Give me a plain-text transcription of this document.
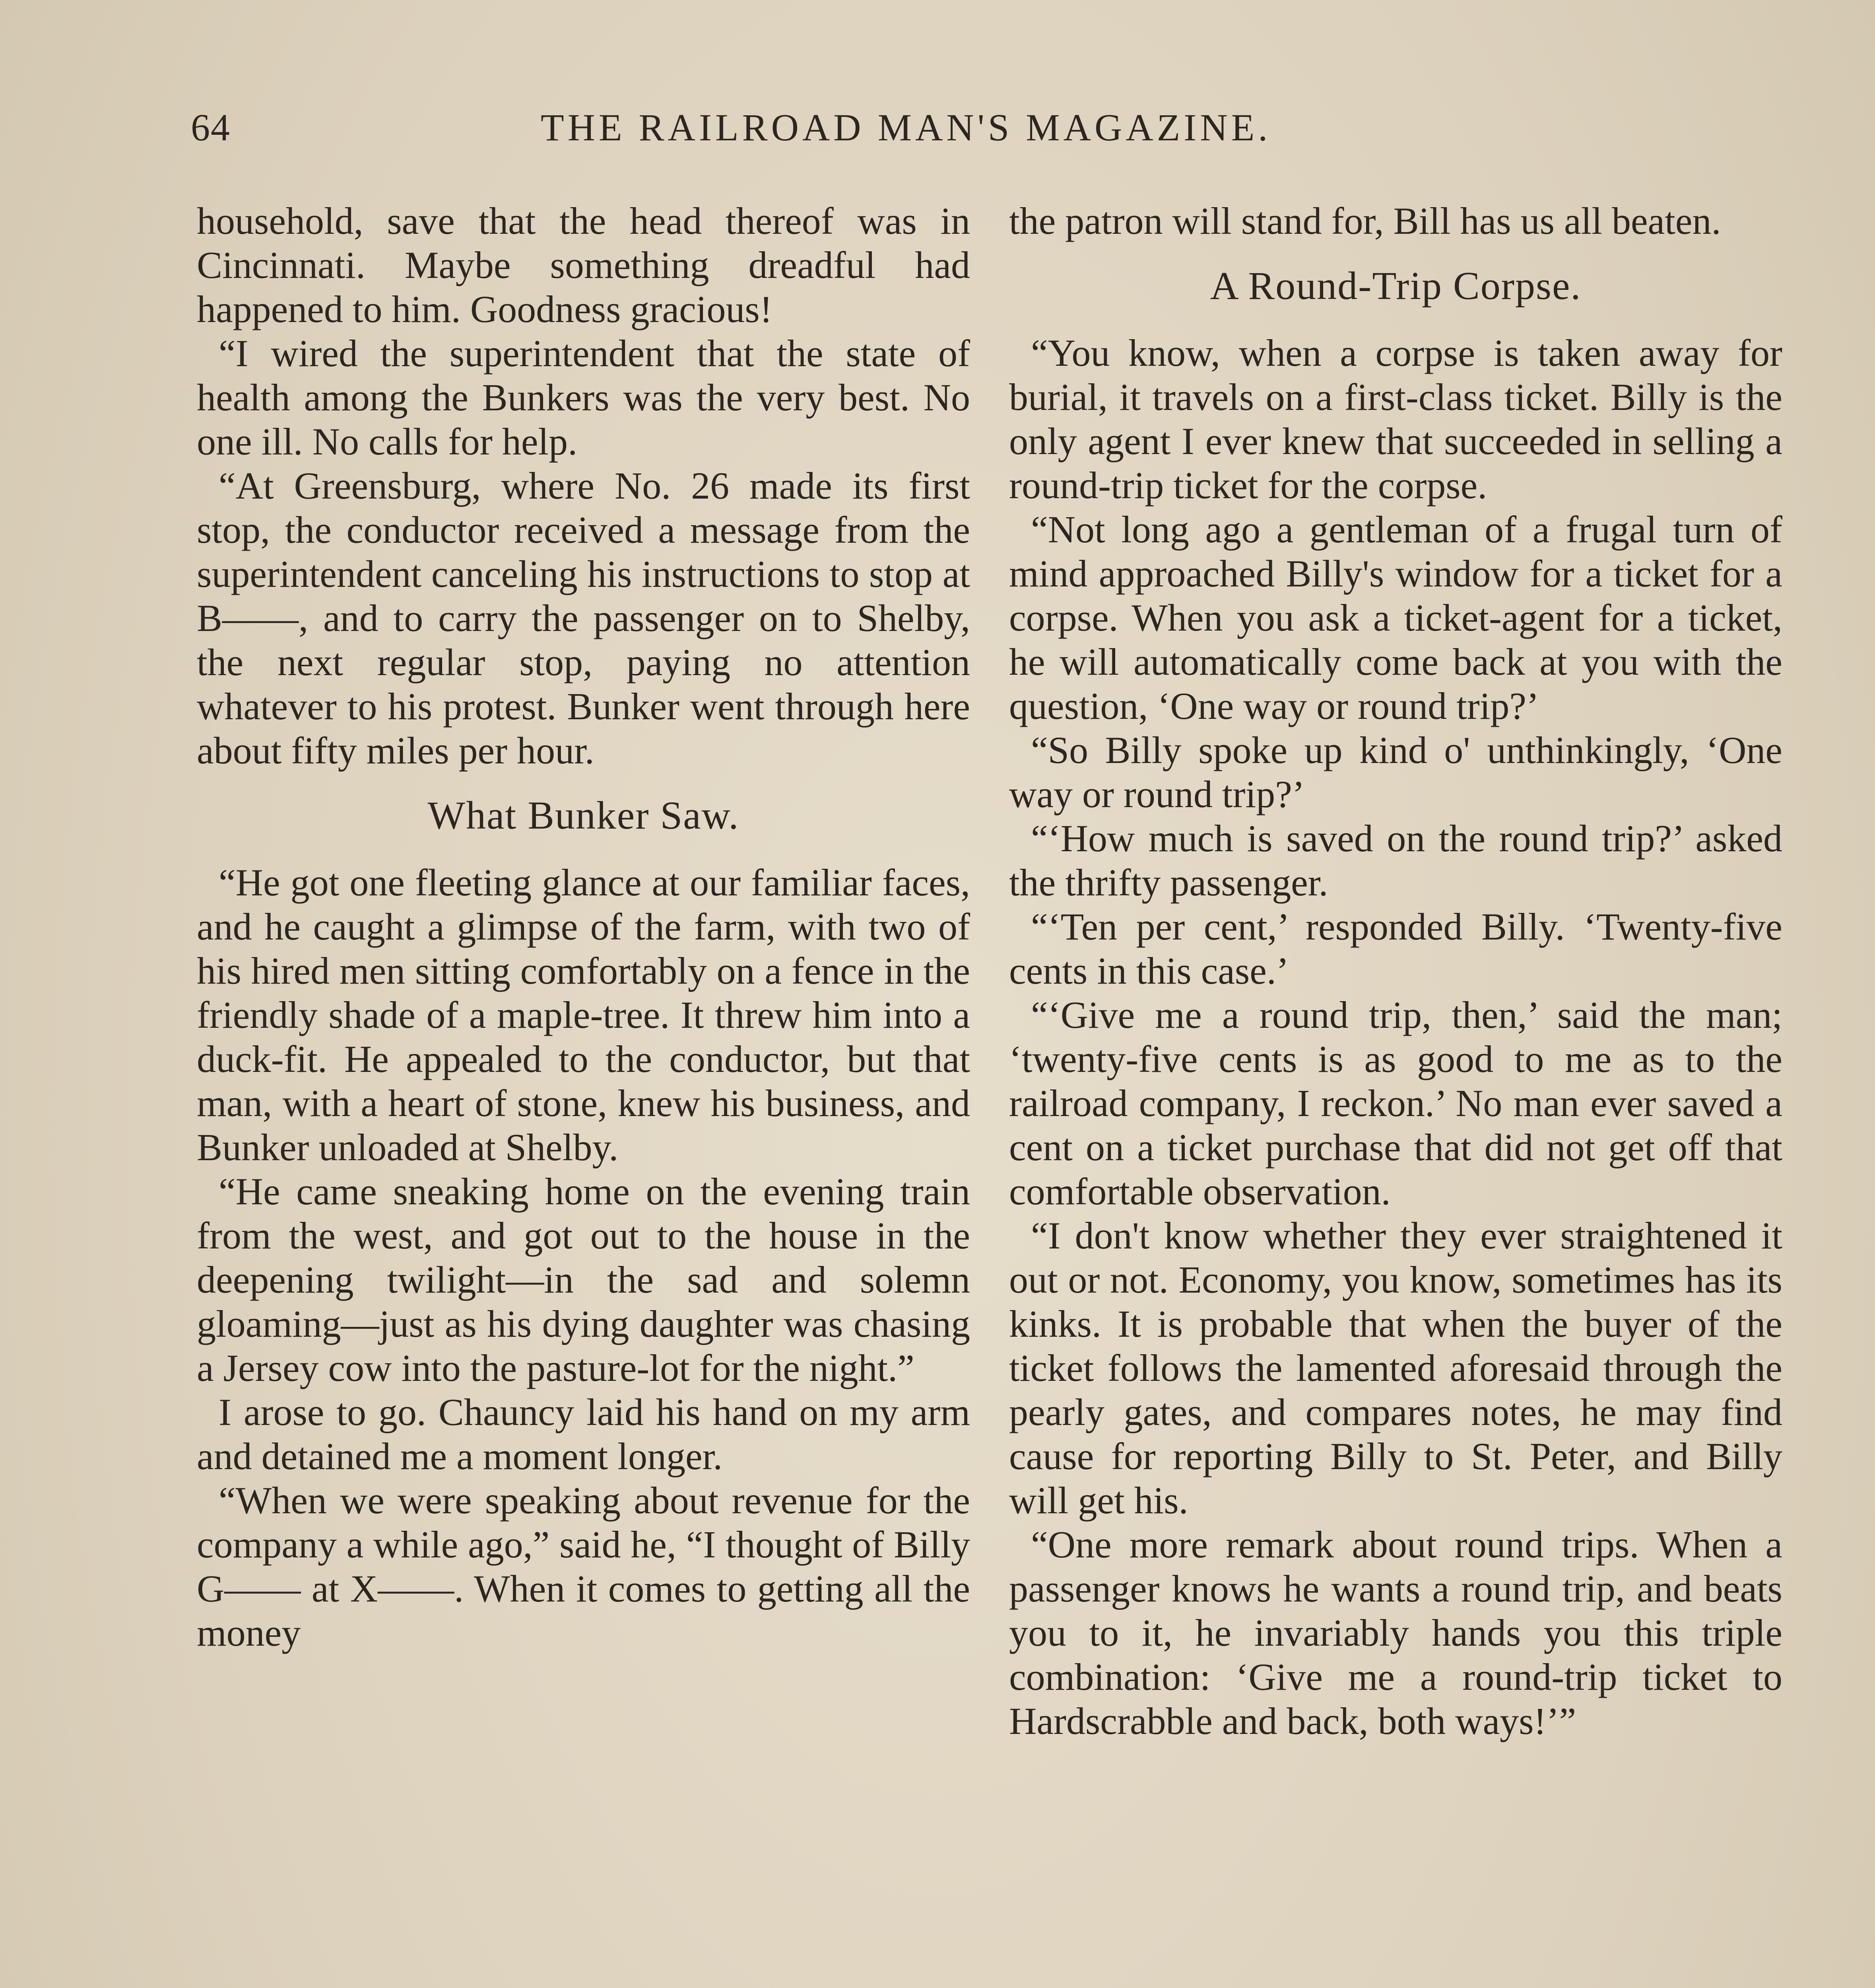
64	THE RAILROAD MAN'S MAGAZINE.

household, save that the head thereof was in Cincinnati. Maybe something dreadful had happened to him. Goodness gracious!

“I wired the superintendent that the state of health among the Bunkers was the very best. No one ill. No calls for help.

“At Greensburg, where No. 26 made its first stop, the conductor received a message from the superintendent canceling his instructions to stop at B——, and to carry the passenger on to Shelby, the next regular stop, paying no attention whatever to his protest. Bunker went through here about fifty miles per hour.

What Bunker Saw.

“He got one fleeting glance at our familiar faces, and he caught a glimpse of the farm, with two of his hired men sitting comfortably on a fence in the friendly shade of a maple-tree. It threw him into a duck-fit. He appealed to the conductor, but that man, with a heart of stone, knew his business, and Bunker unloaded at Shelby.

“He came sneaking home on the evening train from the west, and got out to the house in the deepening twilight—in the sad and solemn gloaming—just as his dying daughter was chasing a Jersey cow into the pasture-lot for the night.”

I arose to go. Chauncy laid his hand on my arm and detained me a moment longer.

“When we were speaking about revenue for the company a while ago,” said he, “I thought of Billy G—— at X——. When it comes to getting all the money

the patron will stand for, Bill has us all beaten.

A Round-Trip Corpse.

“You know, when a corpse is taken away for burial, it travels on a first-class ticket. Billy is the only agent I ever knew that succeeded in selling a round-trip ticket for the corpse.

“Not long ago a gentleman of a frugal turn of mind approached Billy's window for a ticket for a corpse. When you ask a ticket-agent for a ticket, he will automatically come back at you with the question, ‘One way or round trip?’

“So Billy spoke up kind o' unthinkingly, ‘One way or round trip?’

“‘How much is saved on the round trip?’ asked the thrifty passenger.

“‘Ten per cent,’ responded Billy. ‘Twenty-five cents in this case.’

“‘Give me a round trip, then,’ said the man; ‘twenty-five cents is as good to me as to the railroad company, I reckon.’ No man ever saved a cent on a ticket purchase that did not get off that comfortable observation.

“I don't know whether they ever straightened it out or not. Economy, you know, sometimes has its kinks. It is probable that when the buyer of the ticket follows the lamented aforesaid through the pearly gates, and compares notes, he may find cause for reporting Billy to St. Peter, and Billy will get his.

“One more remark about round trips. When a passenger knows he wants a round trip, and beats you to it, he invariably hands you this triple combination: ‘Give me a round-trip ticket to Hardscrabble and back, both ways!’”
